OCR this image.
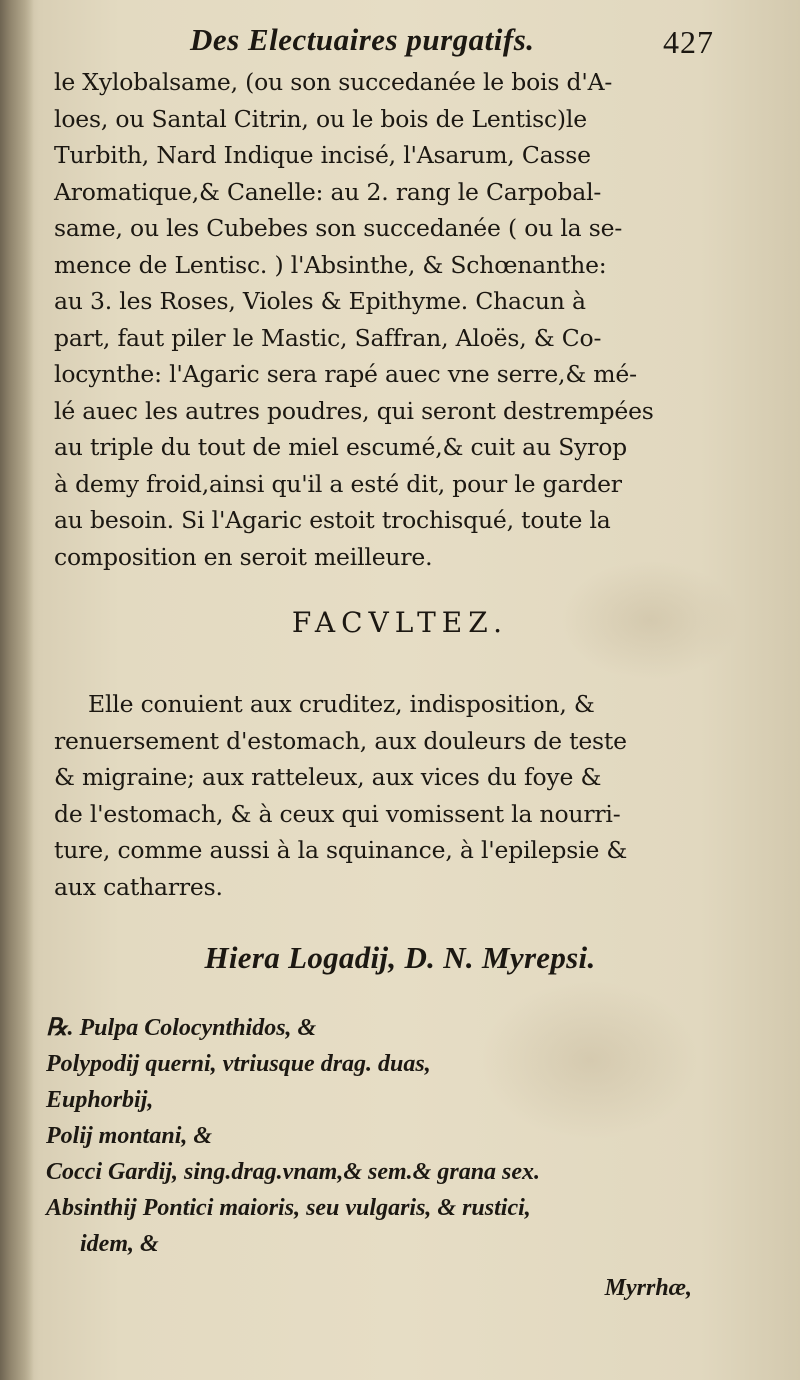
Des Electuaires purgatifs.	427
le Xylobalsame, (ou son succedanée le bois d'A-
loes, ou Santal Citrin, ou le bois de Lentisc)le
Turbith, Nard Indique incisé, l'Asarum, Casse
Aromatique,& Canelle: au 2. rang le Carpobal-
same, ou les Cubebes son succedanée ( ou la se-
mence de Lentisc. ) l'Absinthe, & Schœnanthe:
au 3. les Roses, Violes & Epithyme. Chacun à
part, faut piler le Mastic, Saffran, Aloës, & Co-
locynthe: l'Agaric sera rapé auec vne serre,& mé-
lé auec les autres poudres, qui seront destrempées
au triple du tout de miel escumé,& cuit au Syrop
à demy froid,ainsi qu'il a esté dit, pour le garder
au besoin. Si l'Agaric estoit trochisqué, toute la
composition en seroit meilleure.
FACVLTEZ.
Elle conuient aux cruditez, indisposition, &
renuersement d'estomach, aux douleurs de teste
& migraine; aux ratteleux, aux vices du foye &
de l'estomach, & à ceux qui vomissent la nourri-
ture, comme aussi à la squinance, à l'epilepsie &
aux catharres.
Hiera Logadij, D. N. Myrepsi.
℞. Pulpa Colocynthidos, &
Polypodij querni, vtriusque drag. duas,
Euphorbij,
Polij montani, &
Cocci Gardij, sing.drag.vnam,& sem.& grana sex.
Absinthij Pontici maioris, seu vulgaris, & rustici,
idem, &
Myrrhæ,
